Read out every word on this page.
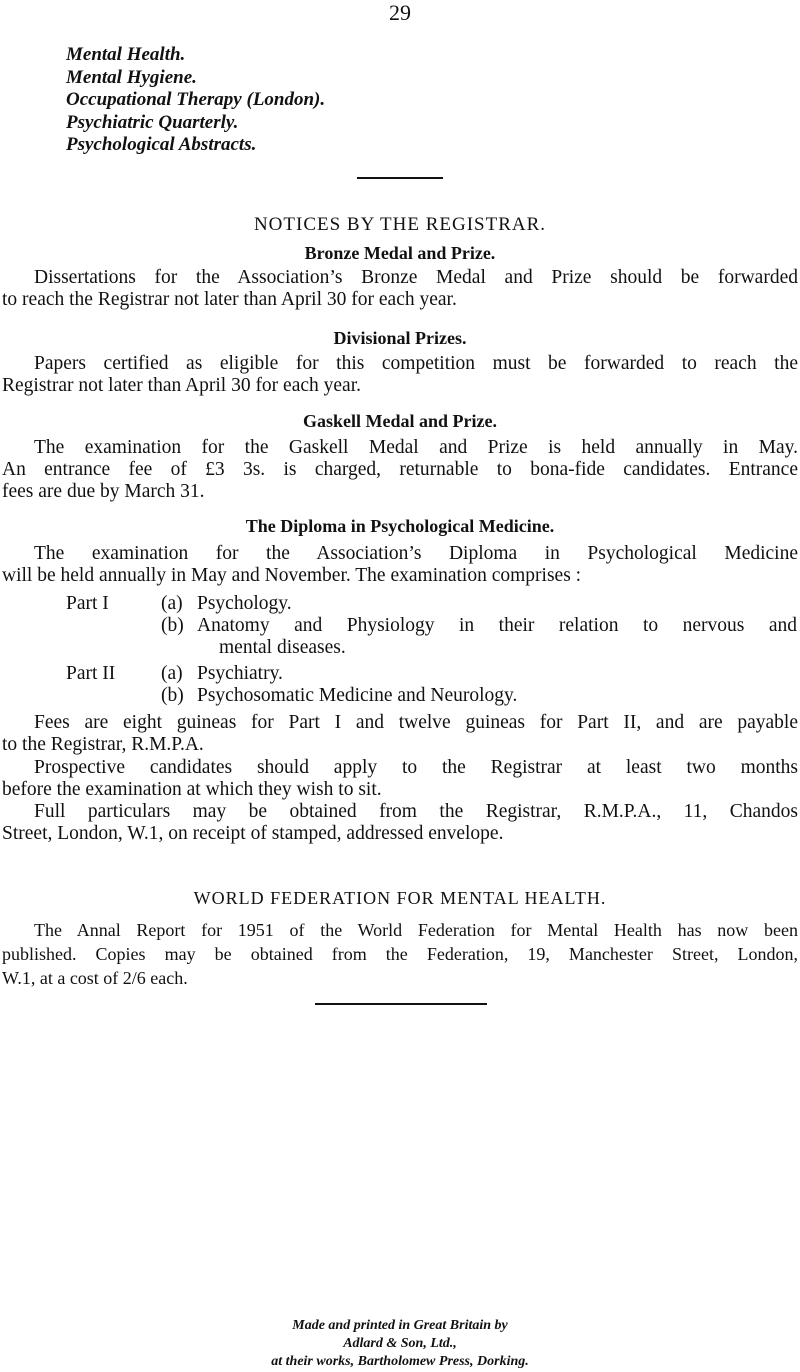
29
Mental Health.
Mental Hygiene.
Occupational Therapy (London).
Psychiatric Quarterly.
Psychological Abstracts.
NOTICES BY THE REGISTRAR.
Bronze Medal and Prize.
Dissertations for the Association’s Bronze Medal and Prize should be forwarded
to reach the Registrar not later than April 30 for each year.
Divisional Prizes.
Papers certified as eligible for this competition must be forwarded to reach the
Registrar not later than April 30 for each year.
Gaskell Medal and Prize.
The examination for the Gaskell Medal and Prize is held annually in May.
An entrance fee of £3 3s. is charged, returnable to bona-fide candidates. Entrance
fees are due by March 31.
The Diploma in Psychological Medicine.
The examination for the Association’s Diploma in Psychological Medicine
will be held annually in May and November. The examination comprises :
Part I	(a) Psychology.
(b) Anatomy and Physiology in their relation to nervous and
mental diseases.
Part II (a) Psychiatry.
(b) Psychosomatic Medicine and Neurology.
Fees are eight guineas for Part I and twelve guineas for Part II, and are payable
to the Registrar, R.M.P.A.
Prospective candidates should apply to the Registrar at least two months
before the examination at which they wish to sit.
Full particulars may be obtained from the Registrar, R.M.P.A., 11, Chandos
Street, London, W.1, on receipt of stamped, addressed envelope.
WORLD FEDERATION FOR MENTAL HEALTH.
The Annal Report for 1951 of the World Federation for Mental Health has now been
published. Copies may be obtained from the Federation, 19, Manchester Street, London,
W.1, at a cost of 2/6 each.
Made and printed in Great Britain by
Adlard & Son, Ltd.,
at their works, Bartholomew Press, Dorking.
